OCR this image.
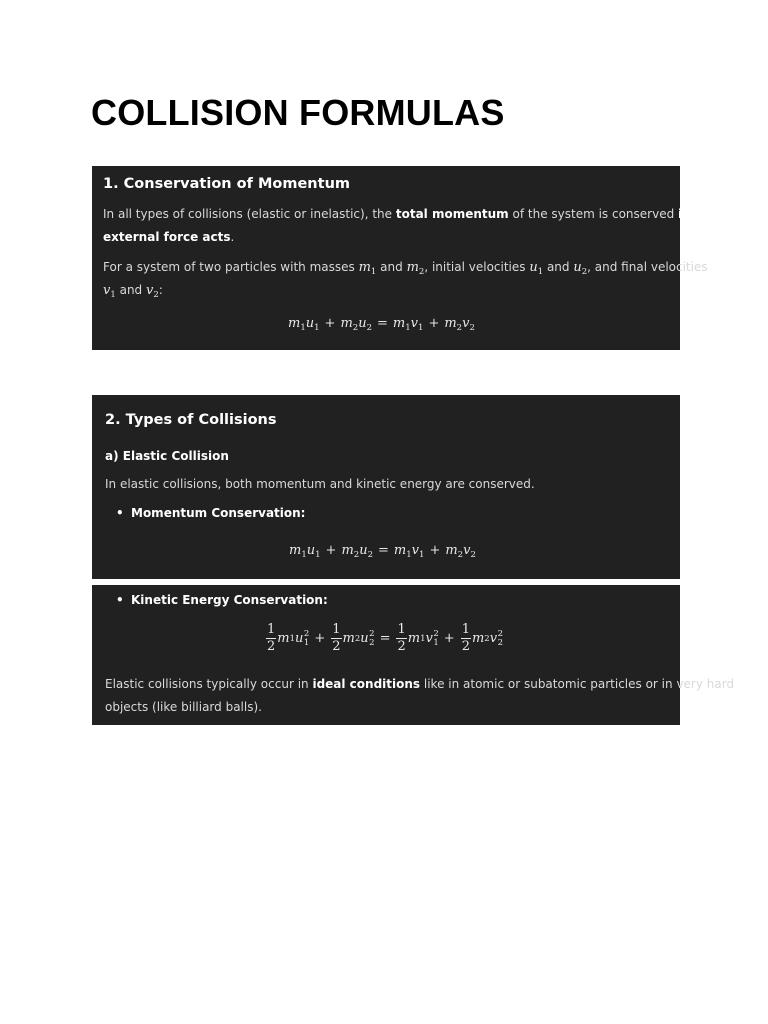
COLLISION FORMULAS
1. Conservation of Momentum
In all types of collisions (elastic or inelastic), the total momentum of the system is conserved if no
external force acts.
For a system of two particles with masses $m_1$ and $m_2$, initial velocities $u_1$ and $u_2$, and final velocities
$v_1$ and $v_2$:
$m_1u_1 + m_2u_2 = m_1v_1 + m_2v_2$
2. Types of Collisions
a) Elastic Collision
In elastic collisions, both momentum and kinetic energy are conserved.
• Momentum Conservation:
$m_1u_1 + m_2u_2 = m_1v_1 + m_2v_2$
• Kinetic Energy Conservation:
$\frac{1}{2}$ m 1 u 2
$1 + \frac{1}{2}$ m 2 u 2
$2 = \frac{1}{2}$ m 1 v 2
$1 + \frac{1}{2}$ m 2 v 2
2
Elastic collisions typically occur in ideal conditions like in atomic or subatomic particles or in very hard
objects (like billiard balls).
